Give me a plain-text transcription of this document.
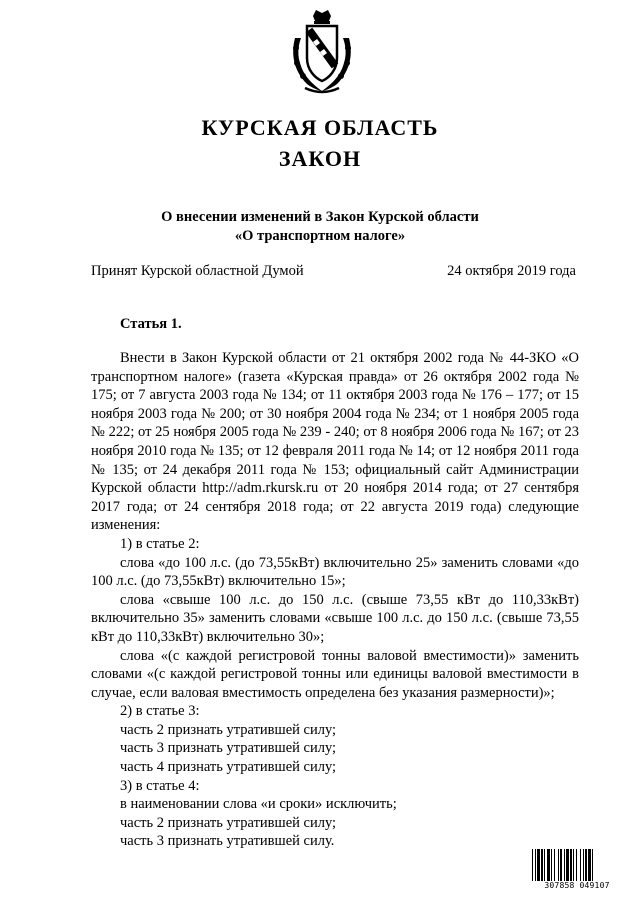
КУРСКАЯ ОБЛАСТЬ
ЗАКОН
О внесении изменений в Закон Курской области
«О транспортном налоге»
Принят Курской областной Думой	24 октября 2019 года
Статья 1.

Внести в Закон Курской области от 21 октября 2002 года № 44-ЗКО «О транспортном налоге» (газета «Курская правда» от 26 октября 2002 года № 175; от 7 августа 2003 года № 134; от 11 октября 2003 года № 176 – 177; от 15 ноября 2003 года № 200; от 30 ноября 2004 года № 234; от 1 ноября 2005 года № 222; от 25 ноября 2005 года № 239 - 240; от 8 ноября 2006 года № 167; от 23 ноября 2010 года № 135; от 12 февраля 2011 года № 14; от 12 ноября 2011 года № 135; от 24 декабря 2011 года № 153; официальный сайт Администрации Курской области http://adm.rkursk.ru от 20 ноября 2014 года; от 27 сентября 2017 года; от 24 сентября 2018 года; от 22 августа 2019 года) следующие изменения:

1) в статье 2:

слова «до 100 л.с. (до 73,55кВт) включительно 25» заменить словами «до 100 л.с. (до 73,55кВт) включительно 15»;

слова «свыше 100 л.с. до 150 л.с. (свыше 73,55 кВт до 110,33кВт) включительно 35» заменить словами «свыше 100 л.с. до 150 л.с. (свыше 73,55 кВт до 110,33кВт) включительно 30»;

слова «(с каждой регистровой тонны валовой вместимости)» заменить словами «(с каждой регистровой тонны или единицы валовой вместимости в случае, если валовая вместимость определена без указания размерности)»;

2) в статье 3:

часть 2 признать утратившей силу;

часть 3 признать утратившей силу;

часть 4 признать утратившей силу;

3) в статье 4:

в наименовании слова «и сроки» исключить;

часть 2 признать утратившей силу;

часть 3 признать утратившей силу.

307858 049107
